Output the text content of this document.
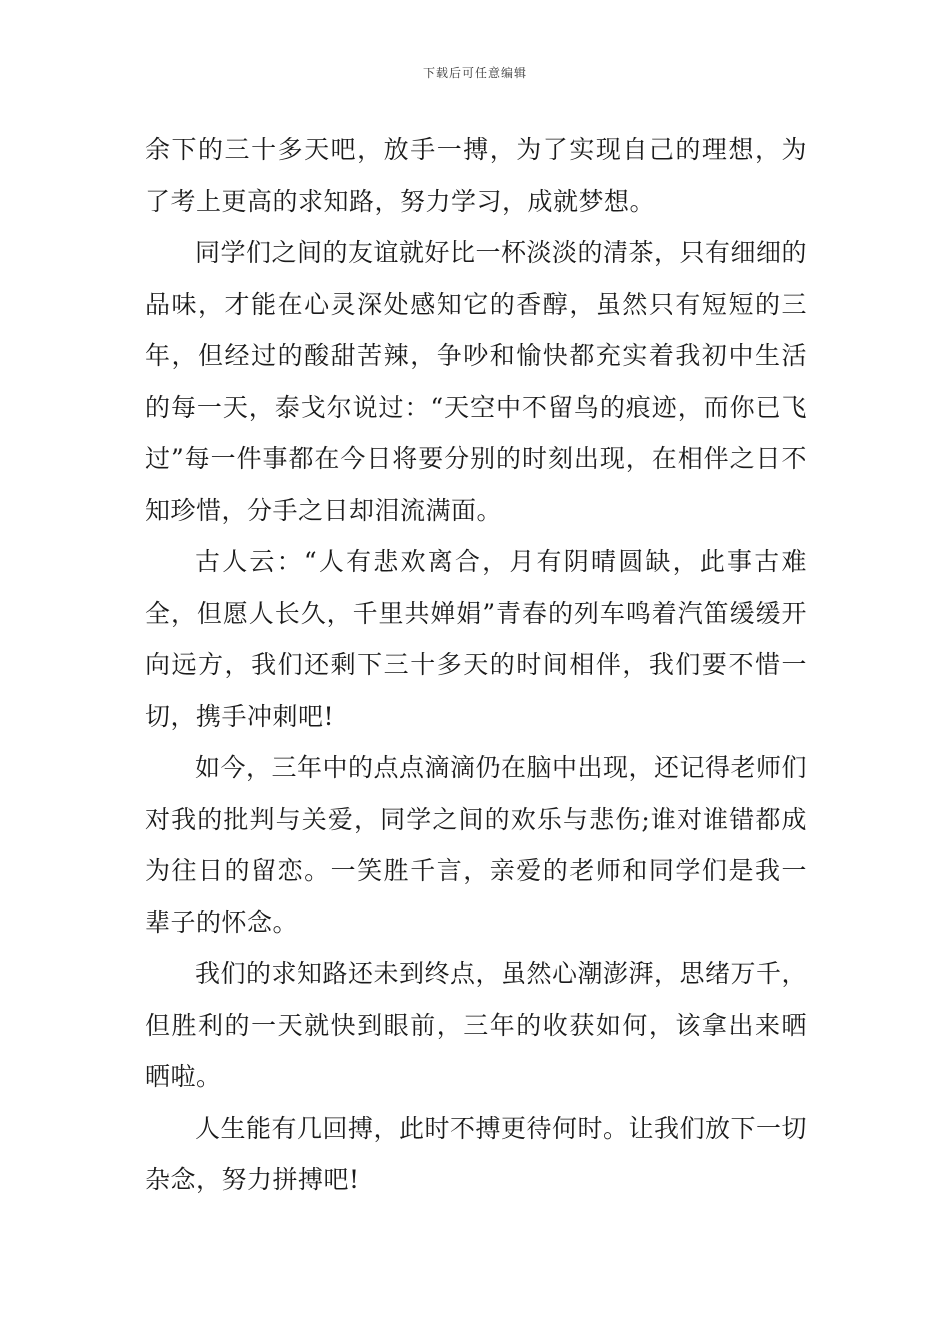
下载后可任意编辑

余下的三十多天吧，放手一搏，为了实现自己的理想，为了考上更高的求知路，努力学习，成就梦想。

同学们之间的友谊就好比一杯淡淡的清茶，只有细细的品味，才能在心灵深处感知它的香醇，虽然只有短短的三年，但经过的酸甜苦辣，争吵和愉快都充实着我初中生活的每一天，泰戈尔说过：“天空中不留鸟的痕迹，而你已飞过”每一件事都在今日将要分别的时刻出现，在相伴之日不知珍惜，分手之日却泪流满面。

古人云：“人有悲欢离合，月有阴晴圆缺，此事古难全，但愿人长久，千里共婵娟”青春的列车鸣着汽笛缓缓开向远方，我们还剩下三十多天的时间相伴，我们要不惜一切，携手冲刺吧!

如今，三年中的点点滴滴仍在脑中出现，还记得老师们对我的批判与关爱，同学之间的欢乐与悲伤;谁对谁错都成为往日的留恋。一笑胜千言，亲爱的老师和同学们是我一辈子的怀念。

我们的求知路还未到终点，虽然心潮澎湃，思绪万千，但胜利的一天就快到眼前，三年的收获如何，该拿出来晒晒啦。

人生能有几回搏，此时不搏更待何时。让我们放下一切杂念，努力拼搏吧!
